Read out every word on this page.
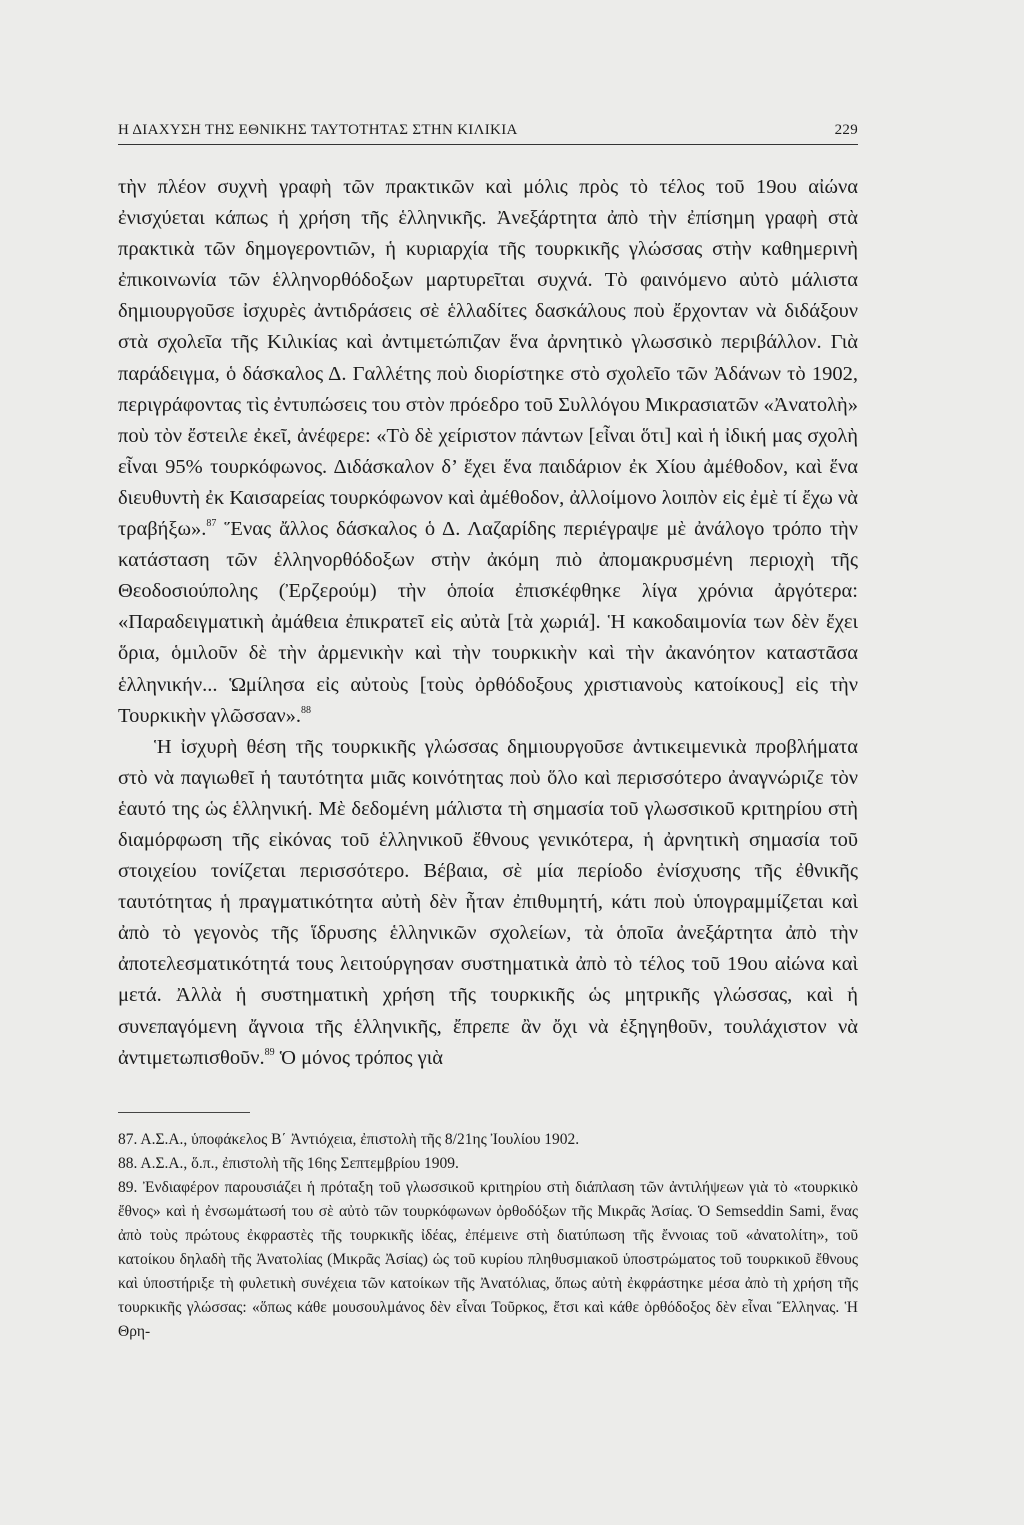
Η ΔΙΑΧΥΣΗ ΤΗΣ ΕΘΝΙΚΗΣ ΤΑΥΤΟΤΗΤΑΣ ΣΤΗΝ ΚΙΛΙΚΙΑ	229

τὴν πλέον συχνὴ γραφὴ τῶν πρακτικῶν καὶ μόλις πρὸς τὸ τέλος τοῦ 19ου αἰώνα ἐνισχύεται κάπως ἡ χρήση τῆς ἑλληνικῆς. Ἀνεξάρτητα ἀπὸ τὴν ἐπίσημη γραφὴ στὰ πρακτικὰ τῶν δημογεροντιῶν, ἡ κυριαρχία τῆς τουρκικῆς γλώσσας στὴν καθημερινὴ ἐπικοινωνία τῶν ἑλληνορθόδοξων μαρτυρεῖται συχνά. Τὸ φαινόμενο αὐτὸ μάλιστα δημιουργοῦσε ἰσχυρὲς ἀντιδράσεις σὲ ἑλλαδίτες δασκάλους ποὺ ἔρχονταν νὰ διδάξουν στὰ σχολεῖα τῆς Κιλικίας καὶ ἀντιμετώπιζαν ἕνα ἀρνητικὸ γλωσσικὸ περιβάλλον. Γιὰ παράδειγμα, ὁ δάσκαλος Δ. Γαλλέτης ποὺ διορίστηκε στὸ σχολεῖο τῶν Ἀδάνων τὸ 1902, περιγράφοντας τὶς ἐντυπώσεις του στὸν πρόεδρο τοῦ Συλλόγου Μικρασιατῶν «Ἀνατολὴ» ποὺ τὸν ἔστειλε ἐκεῖ, ἀνέφερε: «Τὸ δὲ χείριστον πάντων [εἶναι ὅτι] καὶ ἡ ἰδική μας σχολὴ εἶναι 95% τουρκόφωνος. Διδάσκαλον δ’ ἔχει ἕνα παιδάριον ἐκ Χίου ἀμέθοδον, καὶ ἕνα διευθυντὴ ἐκ Καισαρείας τουρκόφωνον καὶ ἀμέθοδον, ἀλλοίμονο λοιπὸν εἰς ἐμὲ τί ἔχω νὰ τραβήξω».$^{87}$ Ἕνας ἄλλος δάσκαλος ὁ Δ. Λαζαρίδης περιέγραψε μὲ ἀνάλογο τρόπο τὴν κατάσταση τῶν ἑλληνορθόδοξων στὴν ἀκόμη πιὸ ἀπομακρυσμένη περιοχὴ τῆς Θεοδοσιούπολης (Ἐρζερούμ) τὴν ὁποία ἐπισκέφθηκε λίγα χρόνια ἀργότερα: «Παραδειγματικὴ ἀμάθεια ἐπικρατεῖ εἰς αὐτὰ [τὰ χωριά]. Ἡ κακοδαιμονία των δὲν ἔχει ὅρια, ὁμιλοῦν δὲ τὴν ἀρμενικὴν καὶ τὴν τουρκικὴν καὶ τὴν ἀκανόητον καταστᾶσα ἑλληνικήν... Ὡμίλησα εἰς αὐτοὺς [τοὺς ὀρθόδοξους χριστιανοὺς κατοίκους] εἰς τὴν Τουρκικὴν γλῶσσαν».$^{88}$

Ἡ ἰσχυρὴ θέση τῆς τουρκικῆς γλώσσας δημιουργοῦσε ἀντικειμενικὰ προβλήματα στὸ νὰ παγιωθεῖ ἡ ταυτότητα μιᾶς κοινότητας ποὺ ὅλο καὶ περισσότερο ἀναγνώριζε τὸν ἑαυτό της ὡς ἑλληνική. Μὲ δεδομένη μάλιστα τὴ σημασία τοῦ γλωσσικοῦ κριτηρίου στὴ διαμόρφωση τῆς εἰκόνας τοῦ ἑλληνικοῦ ἔθνους γενικότερα, ἡ ἀρνητικὴ σημασία τοῦ στοιχείου τονίζεται περισσότερο. Βέβαια, σὲ μία περίοδο ἐνίσχυσης τῆς ἐθνικῆς ταυτότητας ἡ πραγματικότητα αὐτὴ δὲν ἦταν ἐπιθυμητή, κάτι ποὺ ὑπογραμμίζεται καὶ ἀπὸ τὸ γεγονὸς τῆς ἵδρυσης ἑλληνικῶν σχολείων, τὰ ὁποῖα ἀνεξάρτητα ἀπὸ τὴν ἀποτελεσματικότητά τους λειτούργησαν συστηματικὰ ἀπὸ τὸ τέλος τοῦ 19ου αἰώνα καὶ μετά. Ἀλλὰ ἡ συστηματικὴ χρήση τῆς τουρκικῆς ὡς μητρικῆς γλώσσας, καὶ ἡ συνεπαγόμενη ἄγνοια τῆς ἑλληνικῆς, ἔπρεπε ἂν ὄχι νὰ ἐξηγηθοῦν, τουλάχιστον νὰ ἀντιμετωπισθοῦν.$^{89}$ Ὁ μόνος τρόπος γιὰ

87. Α.Σ.Α., ὑποφάκελος Β΄ Ἀντιόχεια, ἐπιστολὴ τῆς 8/21ης Ἰουλίου 1902.

88. Α.Σ.Α., ὅ.π., ἐπιστολὴ τῆς 16ης Σεπτεμβρίου 1909.

89. Ἐνδιαφέρον παρουσιάζει ἡ πρόταξη τοῦ γλωσσικοῦ κριτηρίου στὴ διάπλαση τῶν ἀντιλήψεων γιὰ τὸ «τουρκικὸ ἔθνος» καὶ ἡ ἐνσωμάτωσή του σὲ αὐτὸ τῶν τουρκόφωνων ὀρθοδόξων τῆς Μικρᾶς Ἀσίας. Ὁ Semseddin Sami, ἕνας ἀπὸ τοὺς πρώτους ἐκφραστὲς τῆς τουρκικῆς ἰδέας, ἐπέμεινε στὴ διατύπωση τῆς ἔννοιας τοῦ «ἀνατολίτη», τοῦ κατοίκου δηλαδὴ τῆς Ἀνατολίας (Μικρᾶς Ἀσίας) ὡς τοῦ κυρίου πληθυσμιακοῦ ὑποστρώματος τοῦ τουρκικοῦ ἔθνους καὶ ὑποστήριξε τὴ φυλετικὴ συνέχεια τῶν κατοίκων τῆς Ἀνατόλιας, ὅπως αὐτὴ ἐκφράστηκε μέσα ἀπὸ τὴ χρήση τῆς τουρκικῆς γλώσσας: «ὅπως κάθε μουσουλμάνος δὲν εἶναι Τοῦρκος, ἔτσι καὶ κάθε ὀρθόδοξος δὲν εἶναι Ἕλληνας. Ἡ Θρη-
